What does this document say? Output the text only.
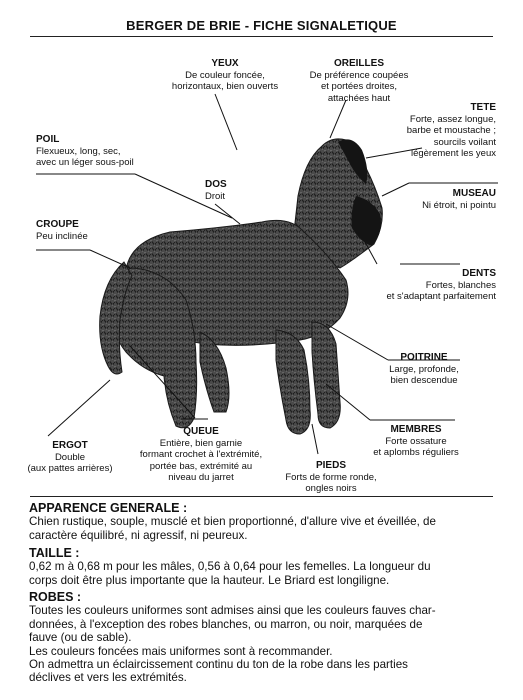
BERGER DE BRIE - FICHE SIGNALETIQUE
YEUX
De couleur foncée,
horizontaux, bien ouverts
OREILLES
De préférence coupées
et portées droites,
attachées haut
TETE
Forte, assez longue,
barbe et moustache ;
sourcils voilant
légèrement les yeux
POIL
Flexueux, long, sec,
avec un léger sous-poil
DOS
Droit	MUSEAU
Ni étroit, ni pointu
CROUPE
Peu inclinée
DENTS
Fortes, blanches
et s'adaptant parfaitement
POITRINE
Large, profonde,
bien descendue
MEMBRES
Forte ossature
et aplombs réguliers
ERGOT
Double
(aux pattes arrières)
QUEUE
Entière, bien garnie
formant crochet à l'extrémité,
portée bas, extrémité au
niveau du jarret
PIEDS
Forts de forme ronde,
ongles noirs
APPARENCE GENERALE :
Chien rustique, souple, musclé et bien proportionné, d'allure vive et éveillée, de
caractère équilibré, ni agressif, ni peureux.
TAILLE :
0,62 m à 0,68 m pour les mâles, 0,56 à 0,64 pour les femelles. La longueur du
corps doit être plus importante que la hauteur. Le Briard est longiligne.
ROBES :
Toutes les couleurs uniformes sont admises ainsi que les couleurs fauves char-
données, à l'exception des robes blanches, ou marron, ou noir, marquées de
fauve (ou de sable).
Les couleurs foncées mais uniformes sont à recommander.
On admettra un éclaircissement continu du ton de la robe dans les parties
déclives et vers les extrémités.
